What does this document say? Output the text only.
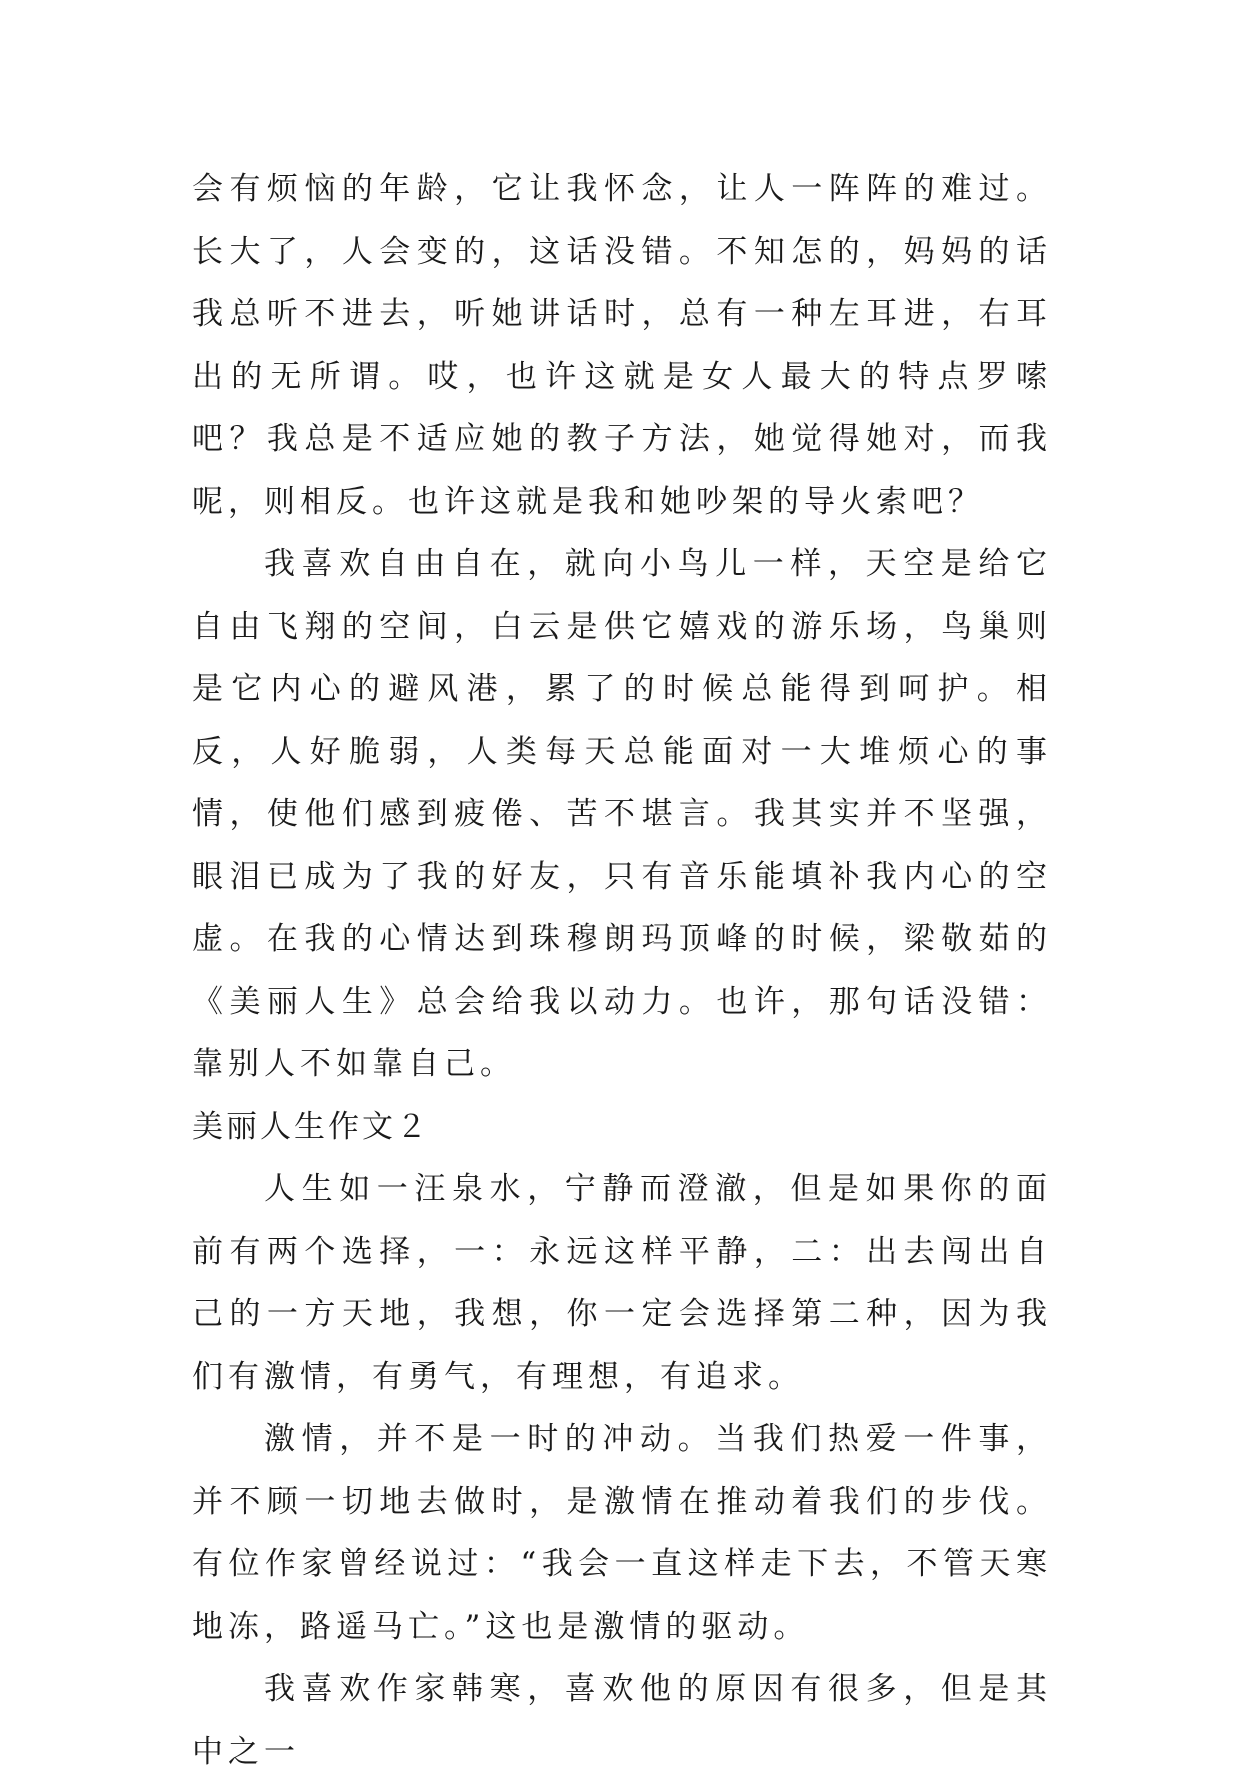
会有烦恼的年龄，它让我怀念，让人一阵阵的难过。长大了，人会变的，这话没错。不知怎的，妈妈的话我总听不进去，听她讲话时，总有一种左耳进，右耳出的无所谓。哎，也许这就是女人最大的特点罗嗦吧？我总是不适应她的教子方法，她觉得她对，而我呢，则相反。也许这就是我和她吵架的导火索吧？

我喜欢自由自在，就向小鸟儿一样，天空是给它自由飞翔的空间，白云是供它嬉戏的游乐场，鸟巢则是它内心的避风港，累了的时候总能得到呵护。相反，人好脆弱，人类每天总能面对一大堆烦心的事情，使他们感到疲倦、苦不堪言。我其实并不坚强，眼泪已成为了我的好友，只有音乐能填补我内心的空虚。在我的心情达到珠穆朗玛顶峰的时候，梁敬茹的《美丽人生》总会给我以动力。也许，那句话没错：靠别人不如靠自己。

美丽人生作文２

人生如一汪泉水，宁静而澄澈，但是如果你的面前有两个选择，一：永远这样平静，二：出去闯出自己的一方天地，我想，你一定会选择第二种，因为我们有激情，有勇气，有理想，有追求。

激情，并不是一时的冲动。当我们热爱一件事，并不顾一切地去做时，是激情在推动着我们的步伐。有位作家曾经说过：“我会一直这样走下去，不管天寒地冻，路遥马亡。”这也是激情的驱动。

我喜欢作家韩寒，喜欢他的原因有很多，但是其中之一
